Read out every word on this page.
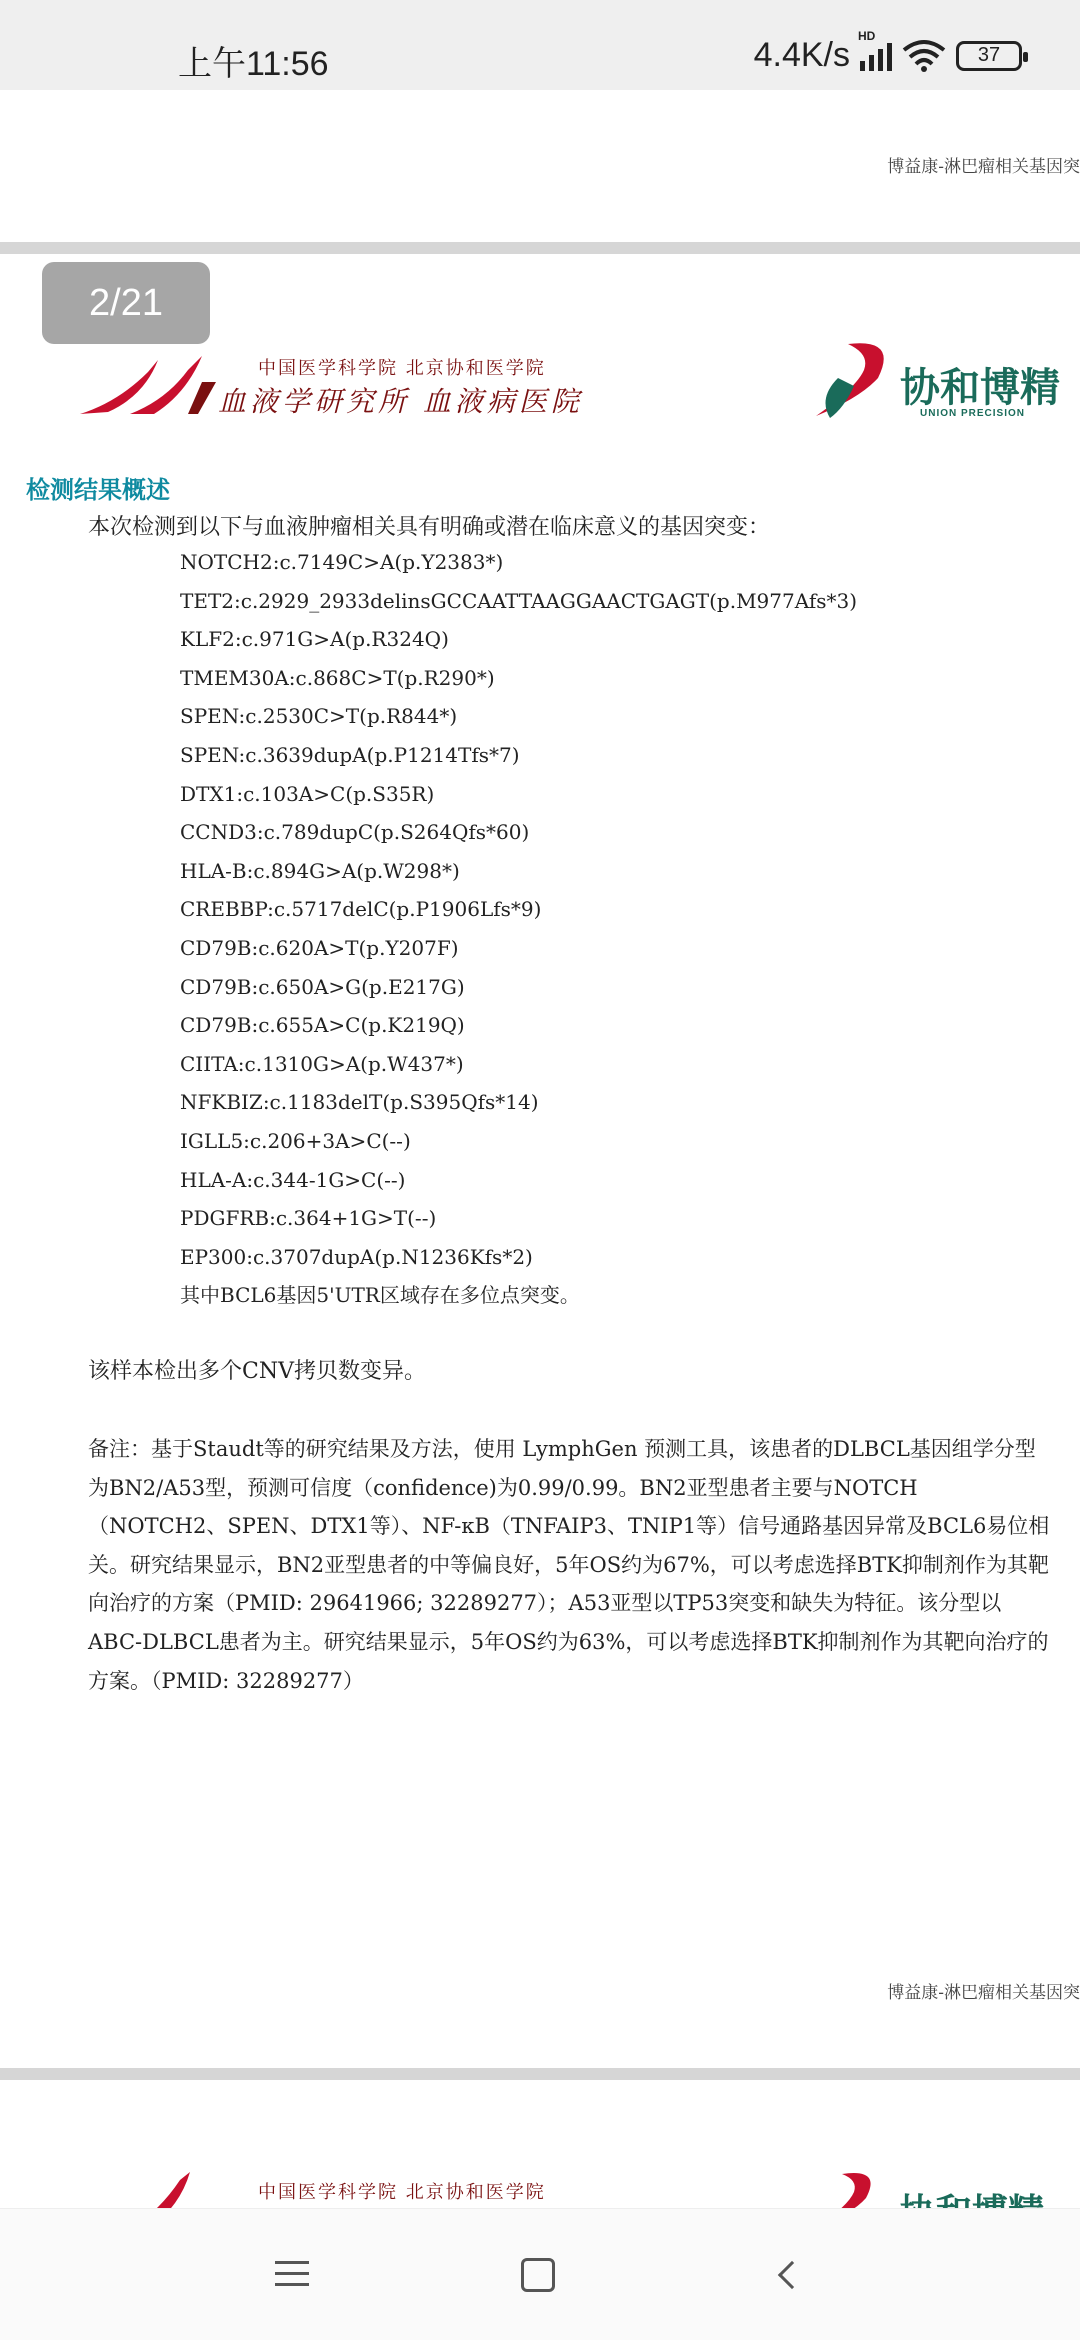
上午11:56	4.4K/s
HD
37
博益康-淋巴瘤相关基因突
2/21
中国医学科学院 北京协和医学院
血液学研究所 血液病医院	协和博精
UNION PRECISION
检测结果概述
本次检测到以下与血液肿瘤相关具有明确或潜在临床意义的基因突变：
NOTCH2:c.7149C>A(p.Y2383*)
TET2:c.2929_2933delinsGCCAATTAAGGAACTGAGT(p.M977Afs*3)
KLF2:c.971G>A(p.R324Q)
TMEM30A:c.868C>T(p.R290*)
SPEN:c.2530C>T(p.R844*)
SPEN:c.3639dupA(p.P1214Tfs*7)
DTX1:c.103A>C(p.S35R)
CCND3:c.789dupC(p.S264Qfs*60)
HLA-B:c.894G>A(p.W298*)
CREBBP:c.5717delC(p.P1906Lfs*9)
CD79B:c.620A>T(p.Y207F)
CD79B:c.650A>G(p.E217G)
CD79B:c.655A>C(p.K219Q)
CIITA:c.1310G>A(p.W437*)
NFKBIZ:c.1183delT(p.S395Qfs*14)
IGLL5:c.206+3A>C(--)
HLA-A:c.344-1G>C(--)
PDGFRB:c.364+1G>T(--)
EP300:c.3707dupA(p.N1236Kfs*2)
其中BCL6基因5'UTR区域存在多位点突变。
该样本检出多个CNV拷贝数变异。
备注：基于Staudt等的研究结果及方法，使用 LymphGen 预测工具，该患者的DLBCL基因组学分型为BN2/A53型，预测可信度（confidence)为0.99/0.99。BN2亚型患者主要与NOTCH（NOTCH2、SPEN、DTX1等）、NF-κB（TNFAIP3、TNIP1等）信号通路基因异常及BCL6易位相关。研究结果显示，BN2亚型患者的中等偏良好，5年OS约为67%，可以考虑选择BTK抑制剂作为其靶向治疗的方案（PMID: 29641966; 32289277）；A53亚型以TP53突变和缺失为特征。该分型以ABC-DLBCL患者为主。研究结果显示，5年OS约为63%，可以考虑选择BTK抑制剂作为其靶向治疗的方案。（PMID: 32289277）
博益康-淋巴瘤相关基因突
中国医学科学院 北京协和医学院
